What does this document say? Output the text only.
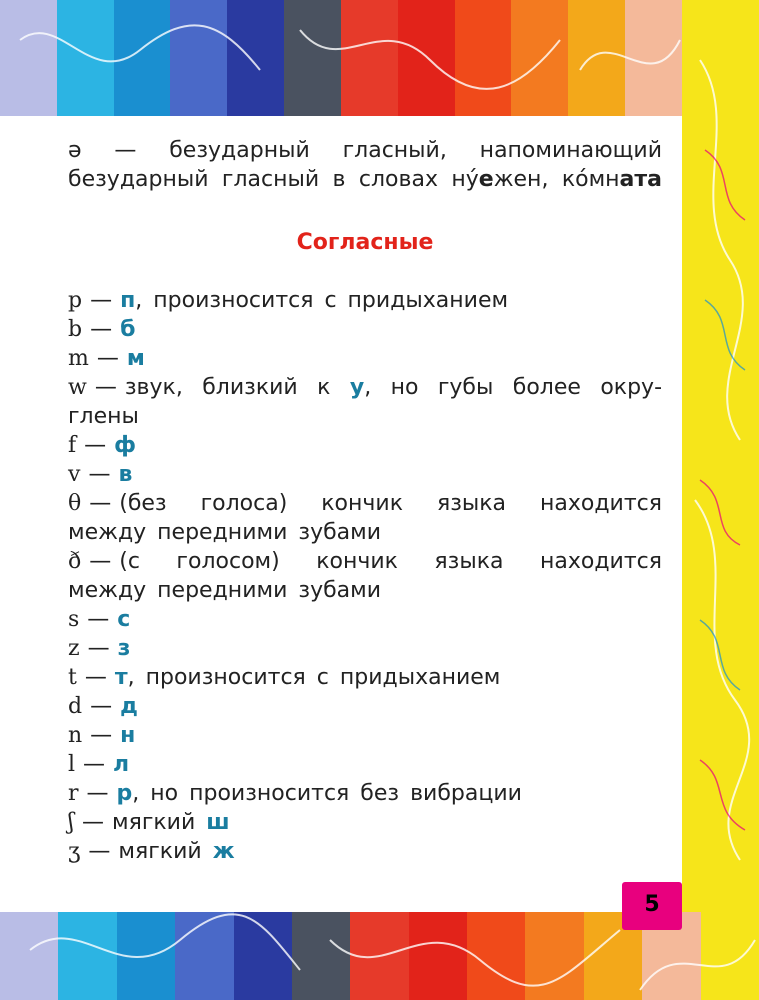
5

ə — безударный гласный, напоминающий безударный гласный в словах ну́ежен, ко́мната

Согласные
p — п, произносится с придыханием
b — б
m — м
w — звук, близкий к у, но губы более окру-
глены
f — ф
v — в
θ — (без голоса) кончик языка находится
между передними зубами
ð — (с голосом) кончик языка находится
между передними зубами
s — с
z — з
t — т, произносится с придыханием
d — д
n — н
l — л
r — р, но произносится без вибрации
ʃ — мягкий ш
ʒ — мягкий ж
